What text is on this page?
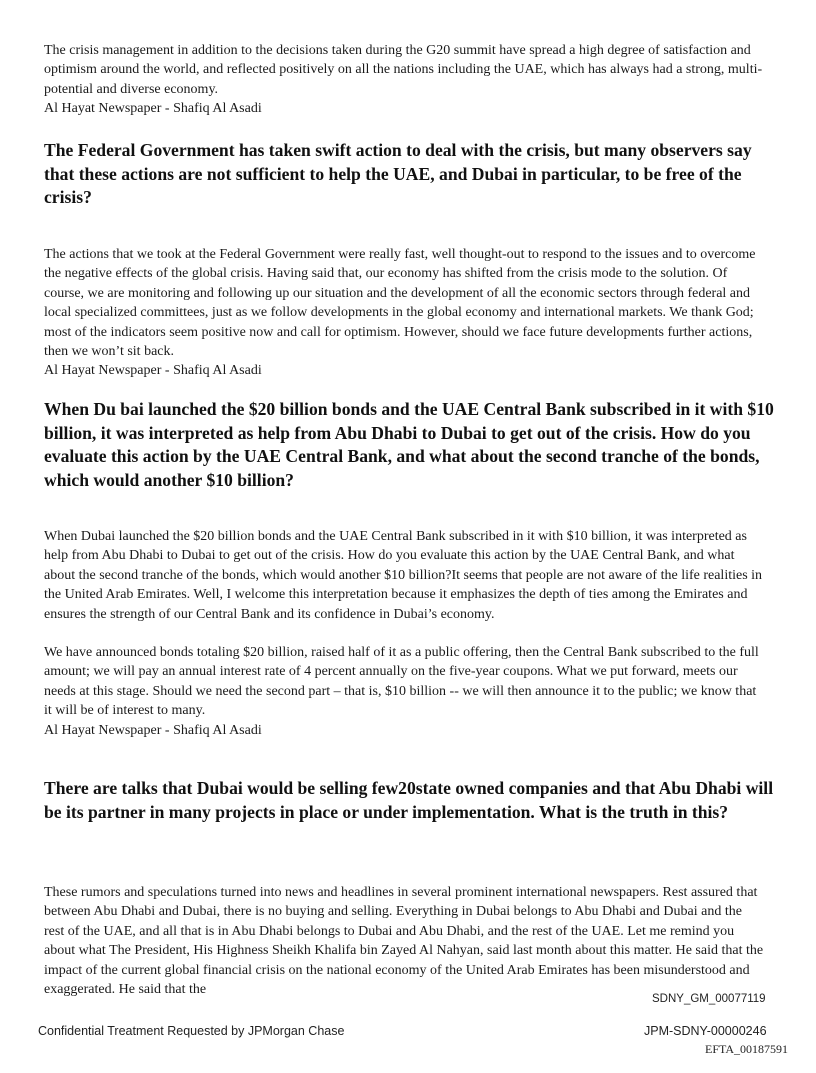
The crisis management in addition to the decisions taken during the G20 summit have spread a high degree of satisfaction and optimism around the world, and reflected positively on all the nations including the UAE, which has always had a strong, multi-potential and diverse economy.

Al Hayat Newspaper - Shafiq Al Asadi

The Federal Government has taken swift action to deal with the crisis, but many observers say that these actions are not sufficient to help the UAE, and Dubai in particular, to be free of the crisis?

The actions that we took at the Federal Government were really fast, well thought-out to respond to the issues and to overcome the negative effects of the global crisis. Having said that, our economy has shifted from the crisis mode to the solution. Of course, we are monitoring and following up our situation and the development of all the economic sectors through federal and local specialized committees, just as we follow developments in the global economy and international markets. We thank God; most of the indicators seem positive now and call for optimism. However, should we face future developments further actions, then we won’t sit back.

Al Hayat Newspaper - Shafiq Al Asadi

When Du bai launched the $20 billion bonds and the UAE Central Bank subscribed in it with $10 billion, it was interpreted as help from Abu Dhabi to Dubai to get out of the crisis. How do you evaluate this action by the UAE Central Bank, and what about the second tranche of the bonds, which would another $10 billion?

When Dubai launched the $20 billion bonds and the UAE Central Bank subscribed in it with $10 billion, it was interpreted as help from Abu Dhabi to Dubai to get out of the crisis. How do you evaluate this action by the UAE Central Bank, and what about the second tranche of the bonds, which would another $10 billion?It seems that people are not aware of the life realities in the United Arab Emirates. Well, I welcome this interpretation because it emphasizes the depth of ties among the Emirates and ensures the strength of our Central Bank and its confidence in Dubai’s economy.

We have announced bonds totaling $20 billion, raised half of it as a public offering, then the Central Bank subscribed to the full amount; we will pay an annual interest rate of 4 percent annually on the five-year coupons. What we put forward, meets our needs at this stage. Should we need the second part – that is, $10 billion -- we will then announce it to the public; we know that it will be of interest to many.

Al Hayat Newspaper - Shafiq Al Asadi

There are talks that Dubai would be selling few20state owned companies and that Abu Dhabi will be its partner in many projects in place or under implementation. What is the truth in this?

These rumors and speculations turned into news and headlines in several prominent international newspapers. Rest assured that between Abu Dhabi and Dubai, there is no buying and selling. Everything in Dubai belongs to Abu Dhabi and Dubai and the rest of the UAE, and all that is in Abu Dhabi belongs to Dubai and Abu Dhabi, and the rest of the UAE. Let me remind you about what The President, His Highness Sheikh Khalifa bin Zayed Al Nahyan, said last month about this matter. He said that the impact of the current global financial crisis on the national economy of the United Arab Emirates has been misunderstood and exaggerated. He said that the

SDNY_GM_00077119
Confidential Treatment Requested by JPMorgan Chase	JPM-SDNY-00000246
EFTA_00187591
